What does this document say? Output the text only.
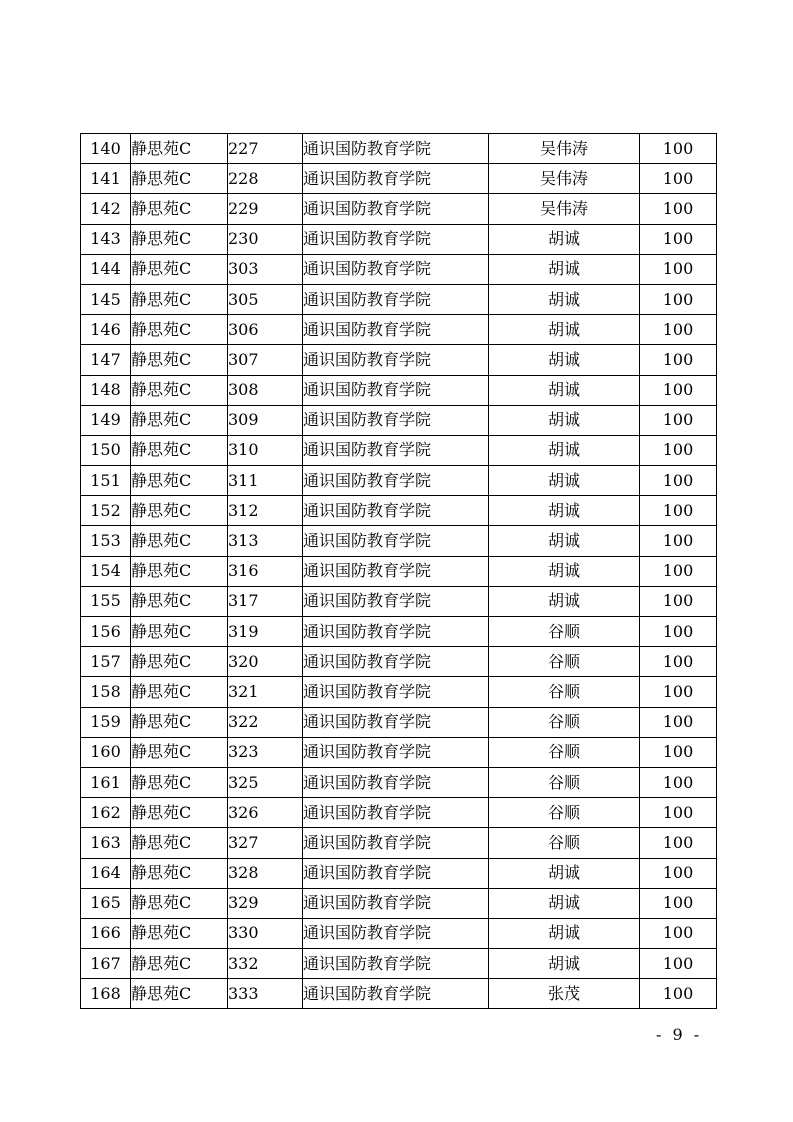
140	静思苑C	227	通识国防教育学院	吴伟涛	100
141	静思苑C	228	通识国防教育学院	吴伟涛	100
142	静思苑C	229	通识国防教育学院	吴伟涛	100
143	静思苑C	230	通识国防教育学院	胡诚	100
144	静思苑C	303	通识国防教育学院	胡诚	100
145	静思苑C	305	通识国防教育学院	胡诚	100
146	静思苑C	306	通识国防教育学院	胡诚	100
147	静思苑C	307	通识国防教育学院	胡诚	100
148	静思苑C	308	通识国防教育学院	胡诚	100
149	静思苑C	309	通识国防教育学院	胡诚	100
150	静思苑C	310	通识国防教育学院	胡诚	100
151	静思苑C	311	通识国防教育学院	胡诚	100
152	静思苑C	312	通识国防教育学院	胡诚	100
153	静思苑C	313	通识国防教育学院	胡诚	100
154	静思苑C	316	通识国防教育学院	胡诚	100
155	静思苑C	317	通识国防教育学院	胡诚	100
156	静思苑C	319	通识国防教育学院	谷顺	100
157	静思苑C	320	通识国防教育学院	谷顺	100
158	静思苑C	321	通识国防教育学院	谷顺	100
159	静思苑C	322	通识国防教育学院	谷顺	100
160	静思苑C	323	通识国防教育学院	谷顺	100
161	静思苑C	325	通识国防教育学院	谷顺	100
162	静思苑C	326	通识国防教育学院	谷顺	100
163	静思苑C	327	通识国防教育学院	谷顺	100
164	静思苑C	328	通识国防教育学院	胡诚	100
165	静思苑C	329	通识国防教育学院	胡诚	100
166	静思苑C	330	通识国防教育学院	胡诚	100
167	静思苑C	332	通识国防教育学院	胡诚	100
168	静思苑C	333	通识国防教育学院	张茂	100
- 9 -
